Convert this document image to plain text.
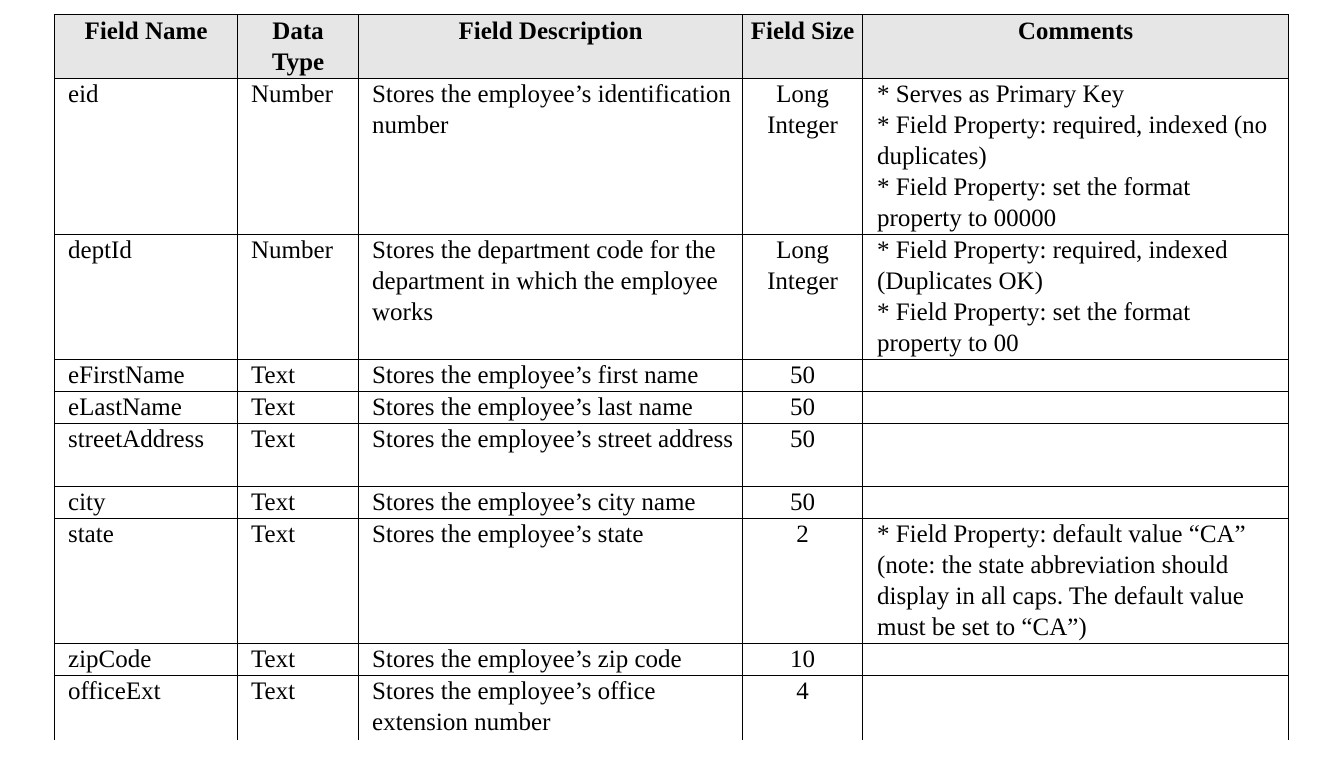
Field Name	Data Type	Field Description	Field Size	Comments
eid	Number	Stores the employee’s identification number	Long Integer	* Serves as Primary Key
* Field Property: required, indexed (no duplicates)
* Field Property: set the format property to 00000

deptId	Number	Stores the department code for the department in which the employee works	Long Integer	* Field Property: required, indexed (Duplicates OK)
* Field Property: set the format property to 00

eFirstName	Text	Stores the employee’s first name	50	
eLastName	Text	Stores the employee’s last name	50	
streetAddress	Text	Stores the employee’s street address	50	
city	Text	Stores the employee’s city name	50	
state	Text	Stores the employee’s state	2	* Field Property: default value “CA” (note: the state abbreviation should display in all caps. The default value must be set to “CA”)

zipCode	Text	Stores the employee’s zip code	10	
officeExt	Text	Stores the employee’s office extension number	4	
